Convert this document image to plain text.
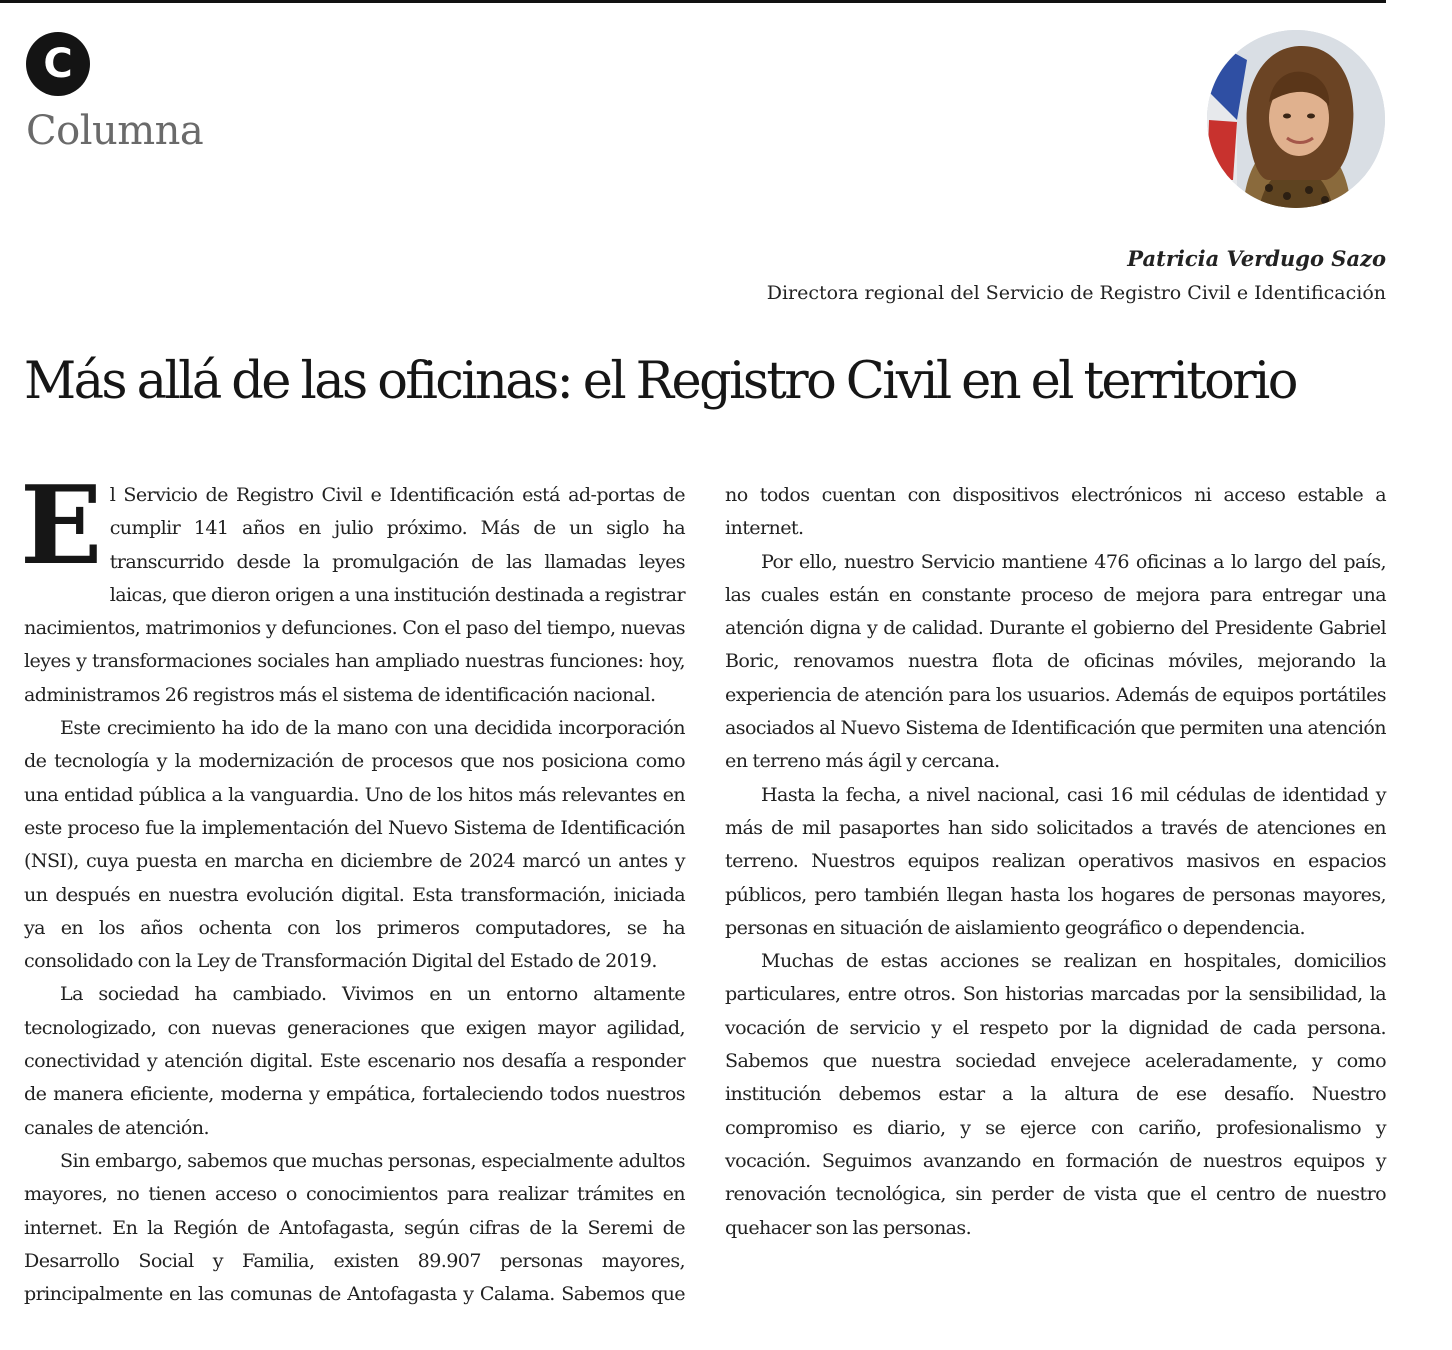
C
Columna
Patricia Verdugo Sazo
Directora regional del Servicio de Registro Civil e Identificación
Más allá de las oficinas: el Registro Civil en el territorio

El Servicio de Registro Civil e Identificación está ad-portas de cumplir 141 años en julio próximo. Más de un siglo ha transcurrido desde la promulgación de las llamadas leyes laicas, que dieron origen a una institución destinada a registrar nacimientos, matrimonios y defunciones. Con el paso del tiempo, nuevas leyes y transformaciones sociales han ampliado nuestras funciones: hoy, administramos 26 registros más el sistema de identificación nacional.

Este crecimiento ha ido de la mano con una decidida incorporación de tecnología y la modernización de procesos que nos posiciona como una entidad pública a la vanguardia. Uno de los hitos más relevantes en este proceso fue la implementación del Nuevo Sistema de Identificación (NSI), cuya puesta en marcha en diciembre de 2024 marcó un antes y un después en nuestra evolución digital. Esta transformación, iniciada ya en los años ochenta con los primeros computadores, se ha consolidado con la Ley de Transformación Digital del Estado de 2019.

La sociedad ha cambiado. Vivimos en un entorno altamente tecnologizado, con nuevas generaciones que exigen mayor agilidad, conectividad y atención digital. Este escenario nos desafía a responder de manera eficiente, moderna y empática, fortaleciendo todos nuestros canales de atención.

Sin embargo, sabemos que muchas personas, especialmente adultos mayores, no tienen acceso o conocimientos para realizar trámites en internet. En la Región de Antofagasta, según cifras de la Seremi de Desarrollo Social y Familia, existen 89.907 personas mayores, principalmente en las comunas de Antofagasta y Calama. Sabemos que no todos cuentan con dispositivos electrónicos ni acceso estable a internet.

Por ello, nuestro Servicio mantiene 476 oficinas a lo largo del país, las cuales están en constante proceso de mejora para entregar una atención digna y de calidad. Durante el gobierno del Presidente Gabriel Boric, renovamos nuestra flota de oficinas móviles, mejorando la experiencia de atención para los usuarios. Además de equipos portátiles asociados al Nuevo Sistema de Identificación que permiten una atención en terreno más ágil y cercana.

Hasta la fecha, a nivel nacional, casi 16 mil cédulas de identidad y más de mil pasaportes han sido solicitados a través de atenciones en terreno. Nuestros equipos realizan operativos masivos en espacios públicos, pero también llegan hasta los hogares de personas mayores, personas en situación de aislamiento geográfico o dependencia.

Muchas de estas acciones se realizan en hospitales, domicilios particulares, entre otros. Son historias marcadas por la sensibilidad, la vocación de servicio y el respeto por la dignidad de cada persona. Sabemos que nuestra sociedad envejece aceleradamente, y como institución debemos estar a la altura de ese desafío. Nuestro compromiso es diario, y se ejerce con cariño, profesionalismo y vocación. Seguimos avanzando en formación de nuestros equipos y renovación tecnológica, sin perder de vista que el centro de nuestro quehacer son las personas.
